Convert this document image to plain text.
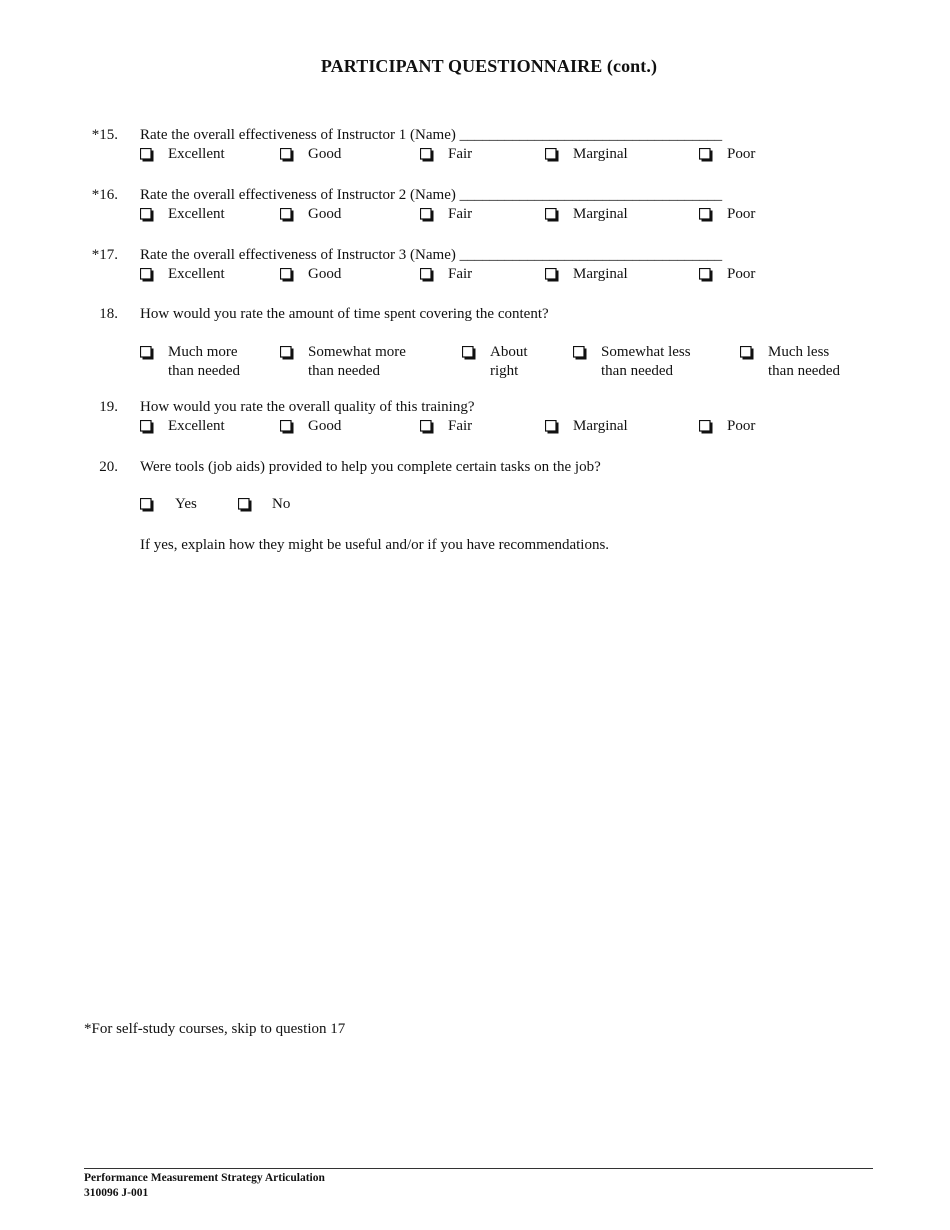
PARTICIPANT QUESTIONNAIRE (cont.)
*15. Rate the overall effectiveness of Instructor 1 (Name) ___________________________________
Excellent	Good	Fair	Marginal	Poor
*16. Rate the overall effectiveness of Instructor 2 (Name) ___________________________________
Excellent	Good	Fair	Marginal	Poor
*17. Rate the overall effectiveness of Instructor 3 (Name) ___________________________________
Excellent	Good	Fair	Marginal	Poor
18. How would you rate the amount of time spent covering the content?
Much more
than needed
Somewhat more
than needed
About
right
Somewhat less
than needed
Much less
than needed
19. How would you rate the overall quality of this training?
Excellent	Good	Fair	Marginal	Poor
20. Were tools (job aids) provided to help you complete certain tasks on the job?
Yes	No
If yes, explain how they might be useful and/or if you have recommendations.
*For self-study courses, skip to question 17
Performance Measurement Strategy Articulation
310096 J-001
